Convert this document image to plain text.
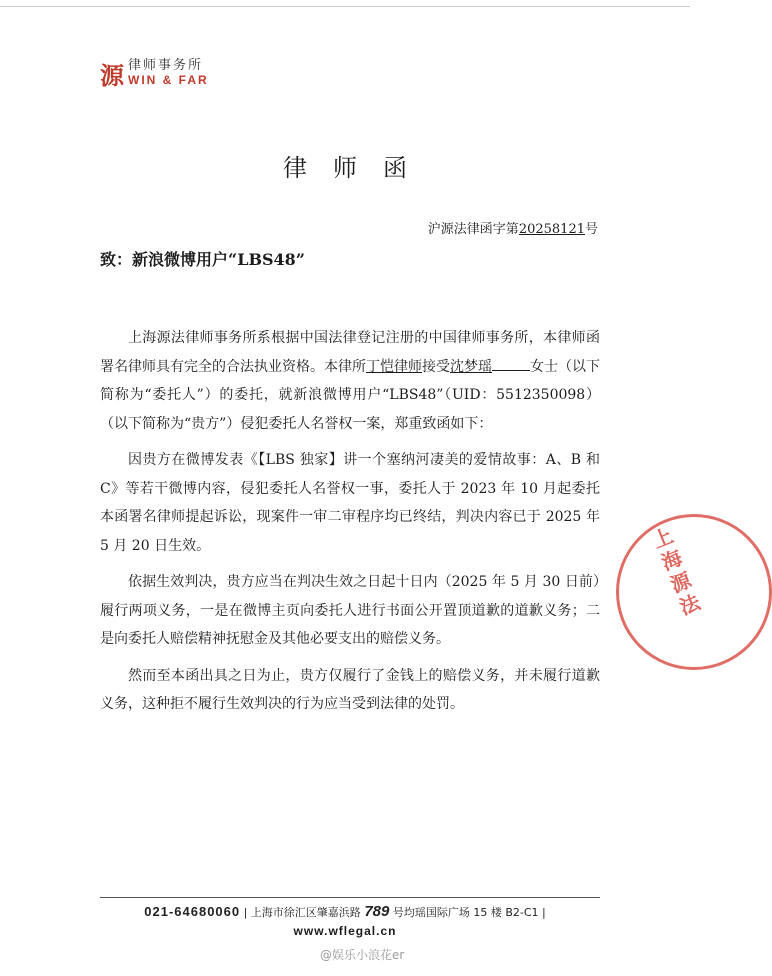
源 律师事务所
WIN & FAR
律师函
沪源法律函字第20258121号
致：新浪微博用户“LBS48”

上海源法律师事务所系根据中国法律登记注册的中国律师事务所，本律师函署名律师具有完全的合法执业资格。本律所丁恺律师接受沈梦瑶	女士（以下简称为“委托人”）的委托，就新浪微博用户“LBS48”（UID：5512350098）（以下简称为“贵方”）侵犯委托人名誉权一案，郑重致函如下：

因贵方在微博发表《【LBS 独家】讲一个塞纳河凄美的爱情故事：A、B 和 C》等若干微博内容，侵犯委托人名誉权一事，委托人于 2023 年 10 月起委托本函署名律师提起诉讼，现案件一审二审程序均已终结，判决内容已于 2025 年 5 月 20 日生效。

依据生效判决，贵方应当在判决生效之日起十日内（2025 年 5 月 30 日前）履行两项义务，一是在微博主页向委托人进行书面公开置顶道歉的道歉义务；二是向委托人赔偿精神抚慰金及其他必要支出的赔偿义务。

然而至本函出具之日为止，贵方仅履行了金钱上的赔偿义务，并未履行道歉义务，这种拒不履行生效判决的行为应当受到法律的处罚。

上海源法
021-64680060 | 上海市徐汇区肇嘉浜路 789 号均瑶国际广场 15 楼 B2-C1 |
www.wflegal.cn
@娱乐小浪花er
